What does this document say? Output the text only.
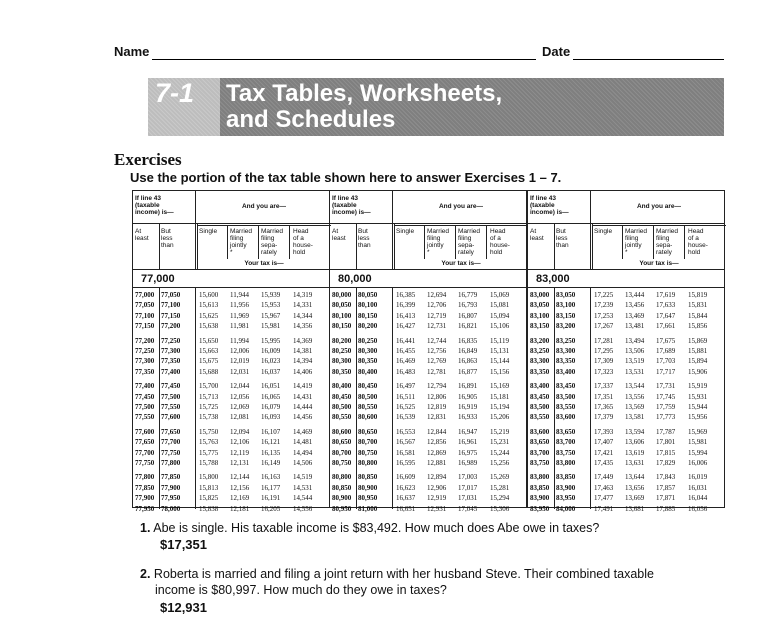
Name	Date
7-1 Tax Tables, Worksheets,
and Schedules
Exercises
Use the portion of the tax table shown here to answer Exercises 1 – 7.
If line 43
(taxable
income) is—
And you are—
At
least
But
less
than
Single	Married
filing
jointly
*
Married
filing
sepa-
rately
Head
of a
house-
hold
Your tax is—
77,000
77,000 77,050	15,600 11,944 15,939 14,319
77,050 77,100	15,613 11,956 15,953 14,331
77,100 77,150	15,625 11,969 15,967 14,344
77,150 77,200	15,638 11,981 15,981 14,356
77,200 77,250	15,650 11,994 15,995 14,369
77,250 77,300	15,663 12,006 16,009 14,381
77,300 77,350	15,675 12,019 16,023 14,394
77,350 77,400	15,688 12,031 16,037 14,406
77,400 77,450	15,700 12,044 16,051 14,419
77,450 77,500	15,713 12,056 16,065 14,431
77,500 77,550	15,725 12,069 16,079 14,444
77,550 77,600	15,738 12,081 16,093 14,456
77,600 77,650	15,750 12,094 16,107 14,469
77,650 77,700	15,763 12,106 16,121 14,481
77,700 77,750	15,775 12,119 16,135 14,494
77,750 77,800	15,788 12,131 16,149 14,506
77,800 77,850	15,800 12,144 16,163 14,519
77,850 77,900	15,813 12,156 16,177 14,531
77,900 77,950	15,825 12,169 16,191 14,544
77,950 78,000	15,838 12,181 16,205 14,556
If line 43
(taxable
income) is—
And you are—
At
least
But
less
than
Single	Married
filing
jointly
*
Married
filing
sepa-
rately
Head
of a
house-
hold
Your tax is—
80,000
80,000 80,050	16,385 12,694 16,779 15,069
80,050 80,100	16,399 12,706 16,793 15,081
80,100 80,150	16,413 12,719 16,807 15,094
80,150 80,200	16,427 12,731 16,821 15,106
80,200 80,250	16,441 12,744 16,835 15,119
80,250 80,300	16,455 12,756 16,849 15,131
80,300 80,350	16,469 12,769 16,863 15,144
80,350 80,400	16,483 12,781 16,877 15,156
80,400 80,450	16,497 12,794 16,891 15,169
80,450 80,500	16,511 12,806 16,905 15,181
80,500 80,550	16,525 12,819 16,919 15,194
80,550 80,600	16,539 12,831 16,933 15,206
80,600 80,650	16,553 12,844 16,947 15,219
80,650 80,700	16,567 12,856 16,961 15,231
80,700 80,750	16,581 12,869 16,975 15,244
80,750 80,800	16,595 12,881 16,989 15,256
80,800 80,850	16,609 12,894 17,003 15,269
80,850 80,900	16,623 12,906 17,017 15,281
80,900 80,950	16,637 12,919 17,031 15,294
80,950 81,000	16,651 12,931 17,045 15,306
If line 43
(taxable
income) is—
And you are—
At
least
But
less
than
Single	Married
filing
jointly
*
Married
filing
sepa-
rately
Head
of a
house-
hold
Your tax is—
83,000
83,000 83,050	17,225 13,444 17,619 15,819
83,050 83,100	17,239 13,456 17,633 15,831
83,100 83,150	17,253 13,469 17,647 15,844
83,150 83,200	17,267 13,481 17,661 15,856
83,200 83,250	17,281 13,494 17,675 15,869
83,250 83,300	17,295 13,506 17,689 15,881
83,300 83,350	17,309 13,519 17,703 15,894
83,350 83,400	17,323 13,531 17,717 15,906
83,400 83,450	17,337 13,544 17,731 15,919
83,450 83,500	17,351 13,556 17,745 15,931
83,500 83,550	17,365 13,569 17,759 15,944
83,550 83,600	17,379 13,581 17,773 15,956
83,600 83,650	17,393 13,594 17,787 15,969
83,650 83,700	17,407 13,606 17,801 15,981
83,700 83,750	17,421 13,619 17,815 15,994
83,750 83,800	17,435 13,631 17,829 16,006
83,800 83,850	17,449 13,644 17,843 16,019
83,850 83,900	17,463 13,656 17,857 16,031
83,900 83,950	17,477 13,669 17,871 16,044
83,950 84,000	17,491 13,681 17,885 16,056
1. Abe is single. His taxable income is $83,492. How much does Abe owe in taxes?
$17,351
2. Roberta is married and filing a joint return with her husband Steve. Their combined taxable
income is $80,997. How much do they owe in taxes?
$12,931
